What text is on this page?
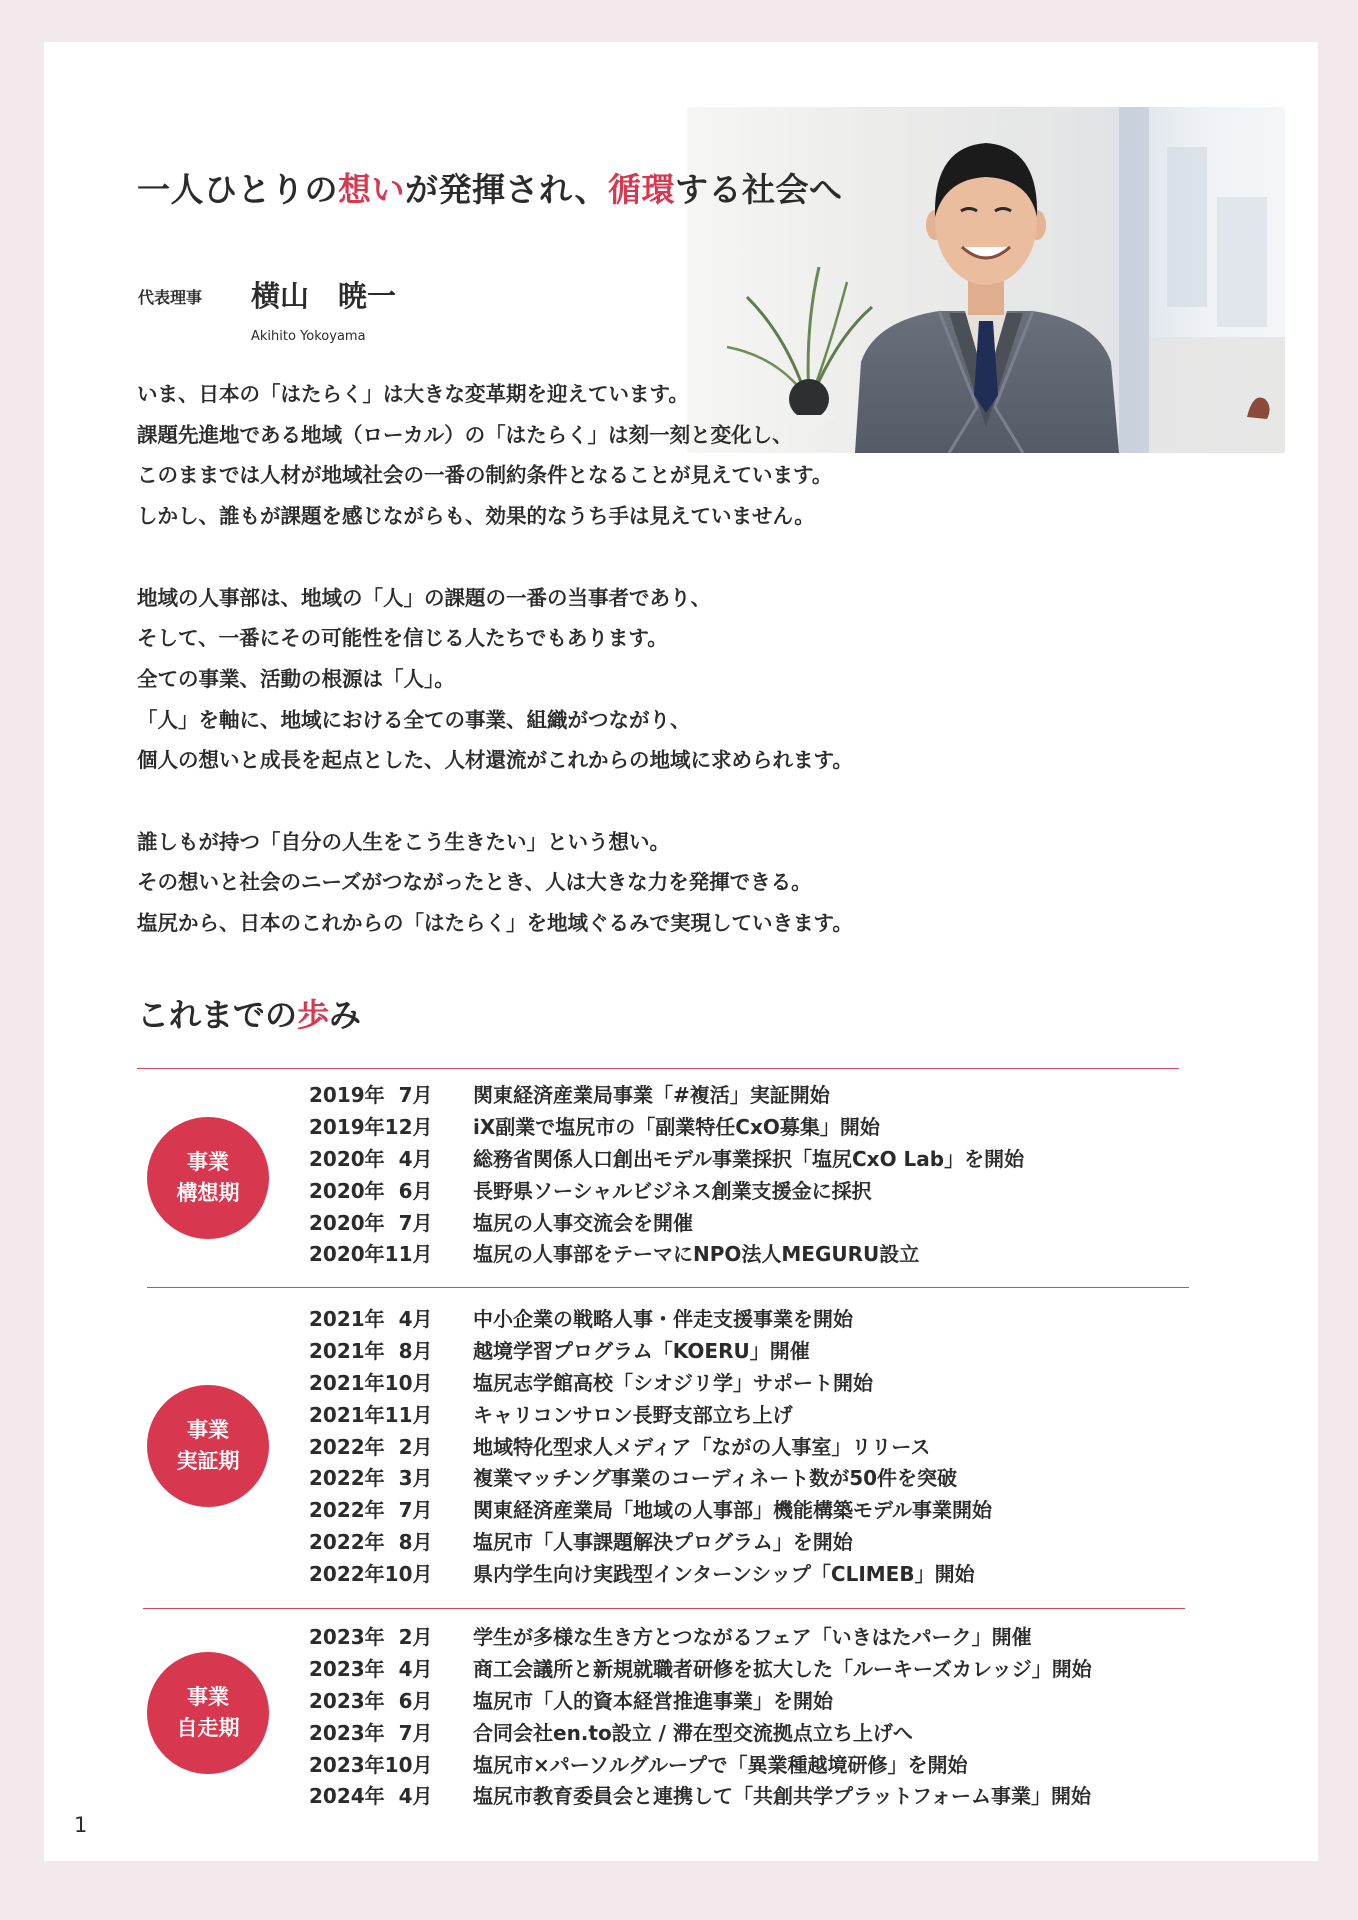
一人ひとりの想いが発揮され、循環する社会へ
代表理事 横山　暁一
Akihito Yokoyama
いま、日本の「はたらく」は大きな変革期を迎えています。
課題先進地である地域（ローカル）の「はたらく」は刻一刻と変化し、
このままでは人材が地域社会の一番の制約条件となることが見えています。
しかし、誰もが課題を感じながらも、効果的なうち手は見えていません。
地域の人事部は、地域の「人」の課題の一番の当事者であり、
そして、一番にその可能性を信じる人たちでもあります。
全ての事業、活動の根源は「人」。
「人」を軸に、地域における全ての事業、組織がつながり、
個人の想いと成長を起点とした、人材還流がこれからの地域に求められます。
誰しもが持つ「自分の人生をこう生きたい」という想い。
その想いと社会のニーズがつながったとき、人は大きな力を発揮できる。
塩尻から、日本のこれからの「はたらく」を地域ぐるみで実現していきます。
これまでの歩み
事業
構想期
2019年  7月 関東経済産業局事業「#複活」実証開始
2019年12月 iX副業で塩尻市の「副業特任CxO募集」開始
2020年  4月 総務省関係人口創出モデル事業採択「塩尻CxO Lab」を開始
2020年  6月 長野県ソーシャルビジネス創業支援金に採択
2020年  7月 塩尻の人事交流会を開催
2020年11月 塩尻の人事部をテーマにNPO法人MEGURU設立
事業
実証期
2021年  4月 中小企業の戦略人事・伴走支援事業を開始
2021年  8月 越境学習プログラム「KOERU」開催
2021年10月 塩尻志学館高校「シオジリ学」サポート開始
2021年11月 キャリコンサロン長野支部立ち上げ
2022年  2月 地域特化型求人メディア「ながの人事室」リリース
2022年  3月 複業マッチング事業のコーディネート数が50件を突破
2022年  7月 関東経済産業局「地域の人事部」機能構築モデル事業開始
2022年  8月 塩尻市「人事課題解決プログラム」を開始
2022年10月 県内学生向け実践型インターンシップ「CLIMEB」開始
事業
自走期
2023年  2月 学生が多様な生き方とつながるフェア「いきはたパーク」開催
2023年  4月 商工会議所と新規就職者研修を拡大した「ルーキーズカレッジ」開始
2023年  6月 塩尻市「人的資本経営推進事業」を開始
2023年  7月 合同会社en.to設立 / 滞在型交流拠点立ち上げへ
2023年10月 塩尻市×パーソルグループで「異業種越境研修」を開始
2024年  4月 塩尻市教育委員会と連携して「共創共学プラットフォーム事業」開始
1
